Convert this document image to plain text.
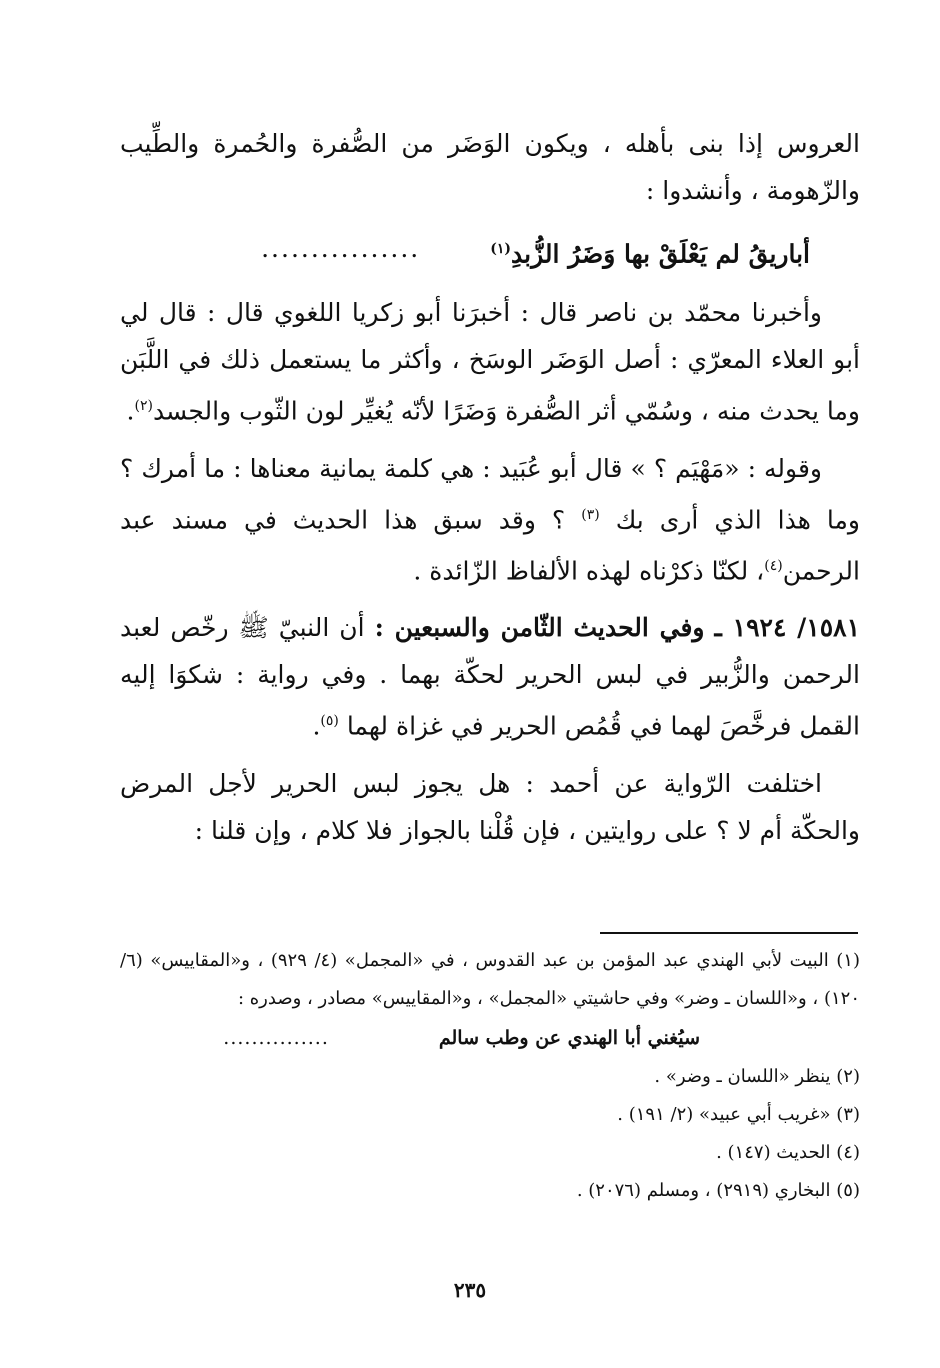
العروس إذا بنى بأهله ، ويكون الوَضَر من الصُّفرة والحُمرة والطِّيب والزّهومة ، وأنشدوا :

أباريقُ لم يَعْلَقْ بها وَضَرُ الزُّبدِ$^{(١)}$
................

وأخبرنا محمّد بن ناصر قال : أخبرَنا أبو زكريا اللغوي قال : قال لي أبو العلاء المعرّي : أصل الوَضَر الوسَخ ، وأكثر ما يستعمل ذلك في اللَّبَن وما يحدث منه ، وسُمّي أثر الصُّفرة وَضَرًا لأنّه يُغيِّر لون الثّوب والجسد$^{(٢)}$.

وقوله : «مَهْيَم ؟ » قال أبو عُبَيد : هي كلمة يمانية معناها : ما أمرك ؟ وما هذا الذي أرى بك $^{(٣)}$ ؟ وقد سبق هذا الحديث في مسند عبد الرحمن$^{(٤)}$، لكنّا ذكرْناه لهذه الألفاظ الزّائدة .

١٥٨١/ ١٩٢٤ ـ وفي الحديث الثّامن والسبعين : أن النبيّ ﷺ رخّص لعبد الرحمن والزُّبير في لبس الحرير لحكّة بهما . وفي رواية : شكوَا إليه القمل فرخَّصَ لهما في قُمُص الحرير في غزاة لهما $^{(٥)}$.

اختلفت الرّواية عن أحمد : هل يجوز لبس الحرير لأجل المرض والحكّة أم لا ؟ على روايتين ، فإن قُلْنا بالجواز فلا كلام ، وإن قلنا :

(١) البيت لأبي الهندي عبد المؤمن بن عبد القدوس ، في «المجمل» (٤/ ٩٢٩) ، و«المقاييس» (٦/ ١٢٠) ، و«اللسان ـ وضر» وفي حاشيتي «المجمل» ، و«المقاييس» مصادر ، وصدره :

سيُغني أبا الهندي عن وطب سالم
...............

(٢) ينظر «اللسان ـ وضر» .

(٣) «غريب أبي عبيد» (٢/ ١٩١) .

(٤) الحديث (١٤٧) .

(٥) البخاري (٢٩١٩) ، ومسلم (٢٠٧٦) .

٢٣٥
